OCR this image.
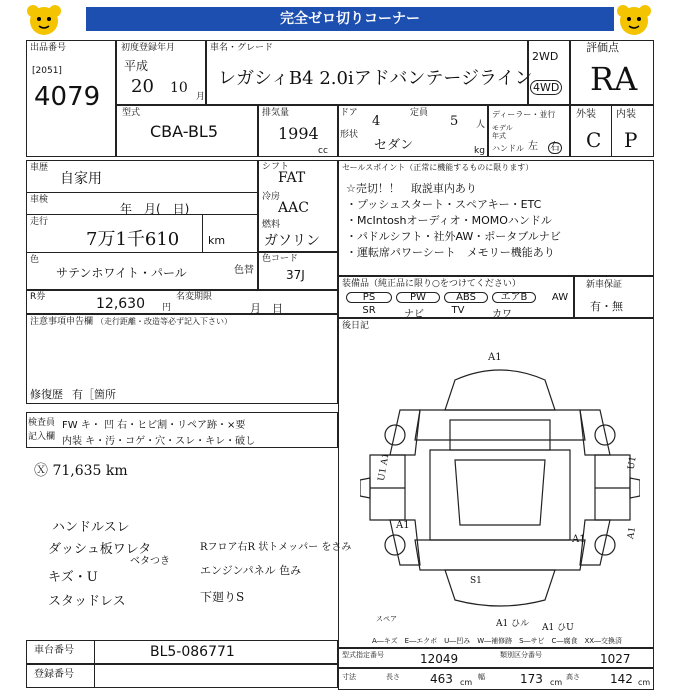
完全ゼロ切りコーナー
出品番号
[2051]
4079
初度登録年月
平成
20 10
月
車名・グレード
レガシィB4 2.0iアドバンテージライン
2WD
4WD
評価点
RA
型式
CBA-BL5
排気量
1994
cc
ドア
4
定員
5 人
形状
セダン	kg
ディーラー・並行
モデル
年式
ハンドル 左 右
外装 内装
C P
車歴
自家用
車検
年　月(　日)
走行
7万1千610	km
色
サテンホワイト・パール	色替
シフト
FAT
冷房
AAC
燃料
ガソリン
色コード
37J
R券	12,630 円
名変期限
月　日
注意事項申告欄 （走行距離・改造等必ず記入下さい）
修復歴 有［箇所
セールスポイント（正常に機能するものに限ります）
☆売切！！　取説車内あり
・プッシュスタート・スペアキー・ETC
・McIntoshオーディオ・MOMOハンドル
・パドルシフト・社外AW・ポータブルナビ
・運転席パワーシート　メモリー機能あり
装備品（純正品に限り○をつけてください）
PS	PW	ABS	エアB	AW
SR	ナビ	TV	カワ
新車保証
有・無
後日記
A1
U1 A1
A1
U1
A1
A1
S1
A1 ひル A1 ひU
スペア
A―キズ　E―エクボ　U―凹み　W―補修跡　S―サビ　C―腐食　XX―交換済
検査員
記入欄
FW キ・ 凹 右・ヒビ割・リペア跡・×要
内装 キ・汚・コゲ・穴・スレ・キレ・破し
Ⓧ 71,635 km
ハンドルスレ
ダッシュ板ワレタ
ベタつき
キズ・U
スタッドレス
Rフロア右R 状トメッパー をさみ
エンジンパネル 色み
下廻りS
車台番号	BL5-086771
登録番号
型式指定番号	12049	類別区分番号	1027
寸法	長さ	463 cm
幅	173 cm
高さ	142 cm
